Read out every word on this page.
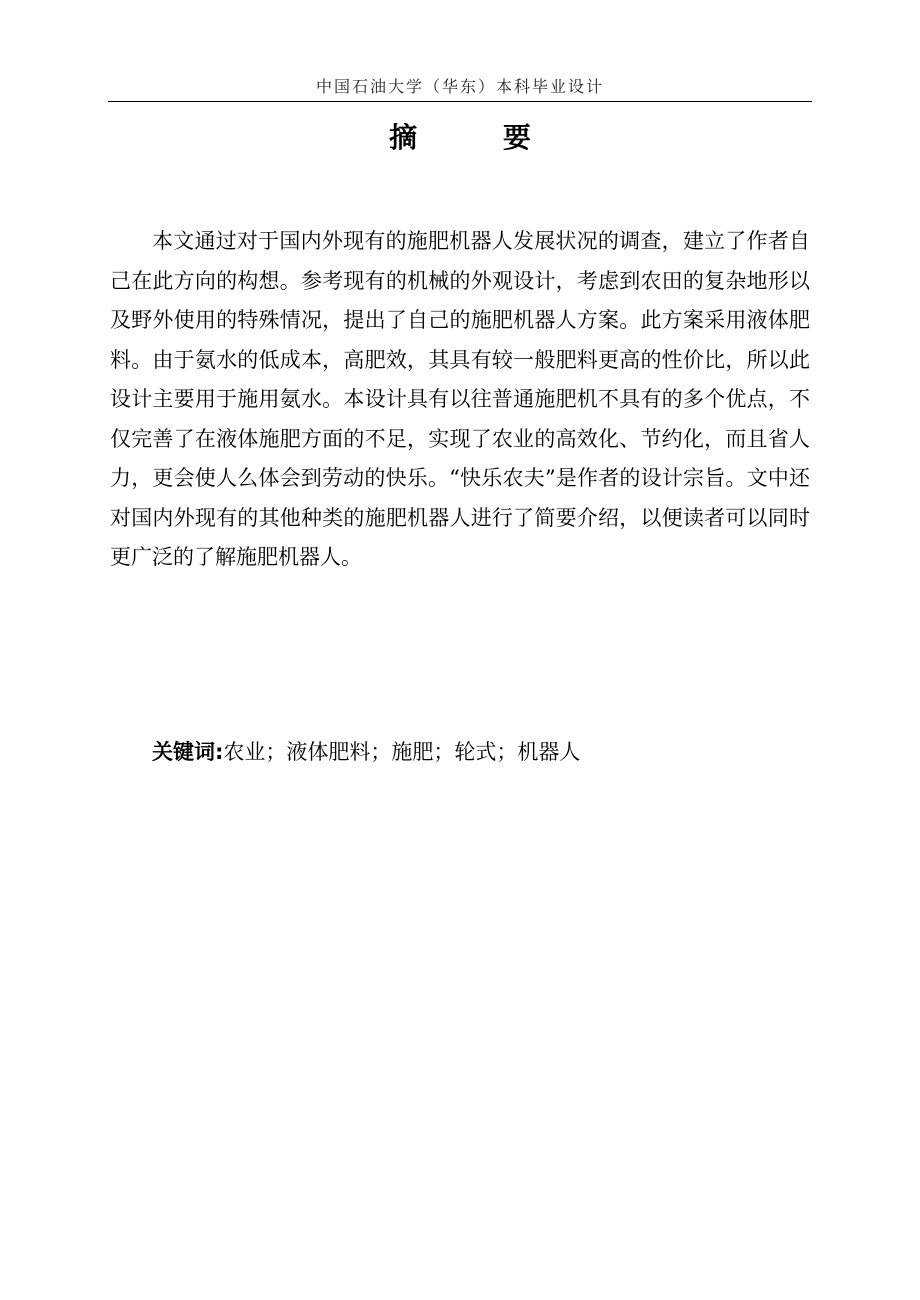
中国石油大学（华东）本科毕业设计
摘 要

本文通过对于国内外现有的施肥机器人发展状况的调查，建立了作者自己在此方向的构想。参考现有的机械的外观设计，考虑到农田的复杂地形以及野外使用的特殊情况，提出了自己的施肥机器人方案。此方案采用液体肥料。由于氨水的低成本，高肥效，其具有较一般肥料更高的性价比，所以此设计主要用于施用氨水。本设计具有以往普通施肥机不具有的多个优点，不仅完善了在液体施肥方面的不足，实现了农业的高效化、节约化，而且省人力，更会使人么体会到劳动的快乐。“快乐农夫”是作者的设计宗旨。文中还对国内外现有的其他种类的施肥机器人进行了简要介绍，以便读者可以同时更广泛的了解施肥机器人。

关键词:农业；液体肥料；施肥；轮式；机器人
